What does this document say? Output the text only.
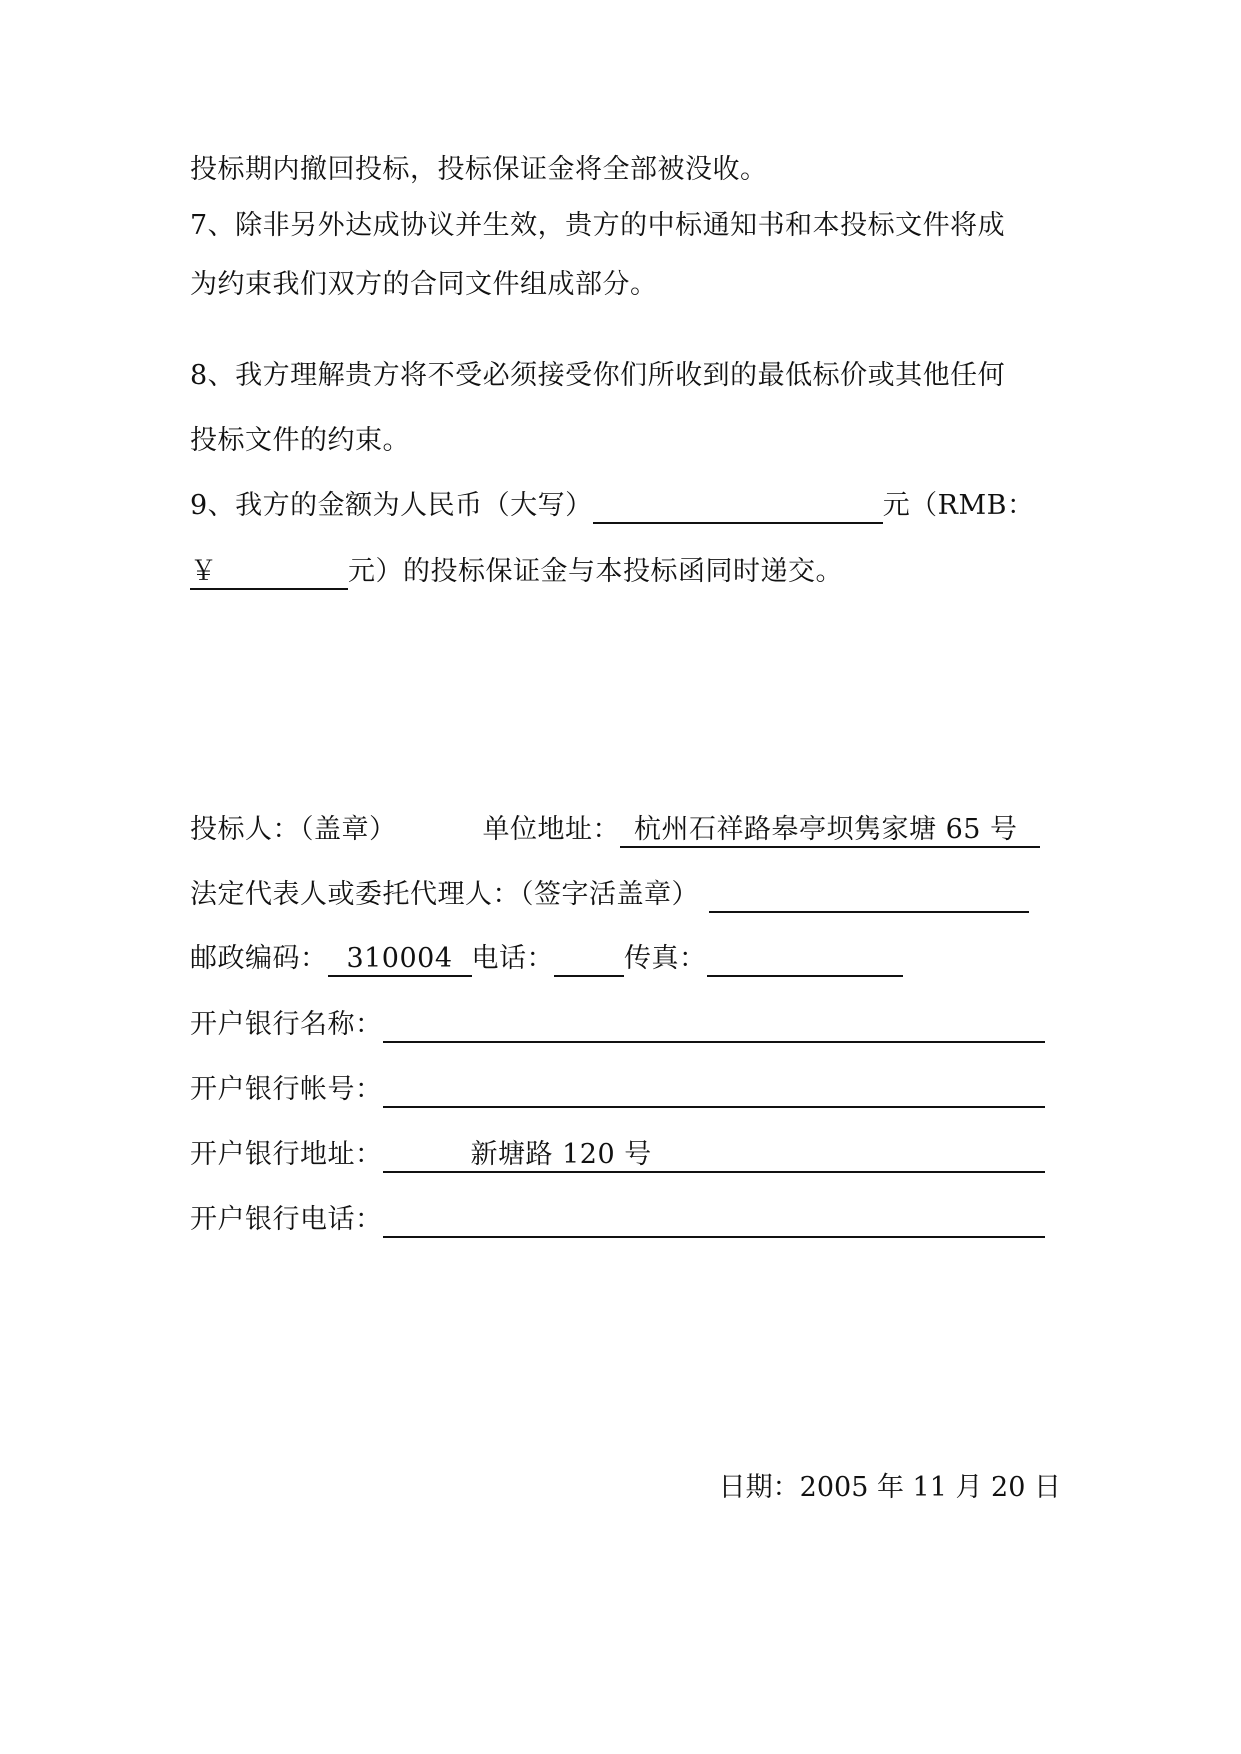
投标期内撤回投标，投标保证金将全部被没收。
7、除非另外达成协议并生效，贵方的中标通知书和本投标文件将成
为约束我们双方的合同文件组成部分。
8、我方理解贵方将不受必须接受你们所收到的最低标价或其他任何
投标文件的约束。
9、我方的金额为人民币（大写）	元（RMB：
￥	元）的投标保证金与本投标函同时递交。
投标人：（盖章）	单位地址： 杭州石祥路皋亭坝隽家塘 65 号
法定代表人或委托代理人：（签字活盖章）
邮政编码： 310004 电话：	传真：
开户银行名称：
开户银行帐号：
开户银行地址：	新塘路 120 号
开户银行电话：
日期：2005 年 11 月 20 日
